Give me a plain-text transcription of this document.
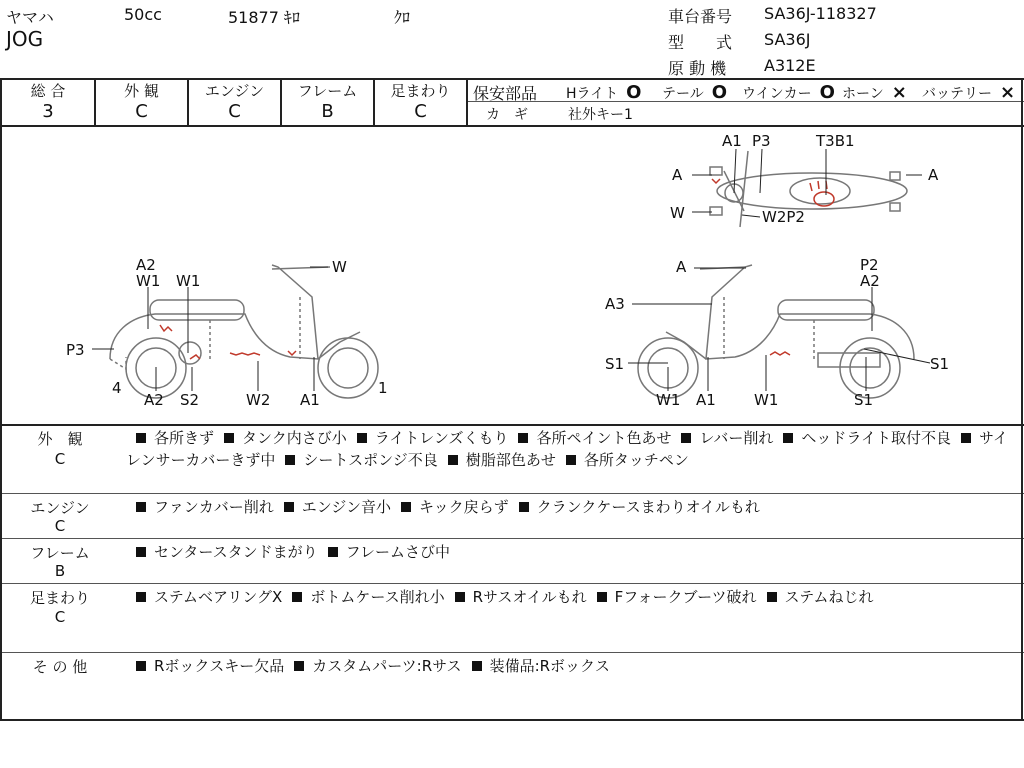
ヤマハ	50cc	51877 ｷﾛ	ｸﾛ
JOG
車台番号 SA36J-118327
型　　式 SA36J
原 動 機 A312E
総 合
3
外 観
C
エンジン
C
フレーム
B
足まわり
C
保安部品 Hライト O テール O ウインカー O ホーン × バッテリー ×
カ　ギ	社外キー1
A1 P3	T3B1
A	A
W	W2P2
W
A2
W1 W1
P3
4
A2 S2	W2 A1
1
A	P2
A2
A3
S1	S1
W1 A1	W1	S1
外　観
C
各所きず タンク内さび小 ライトレンズくもり 各所ペイント色あせ レバー削れ ヘッドライト取付不良 サイレンサーカバーきず中 シートスポンジ不良 樹脂部色あせ 各所タッチペン
エンジン
C
ファンカバー削れ エンジン音小 キック戻らず クランクケースまわりオイルもれ
フレーム
B
センタースタンドまがり フレームさび中
足まわり
C
ステムベアリングX ボトムケース削れ小 Rサスオイルもれ Fフォークブーツ破れ ステムねじれ
そ の 他	Rボックスキー欠品 カスタムパーツ:Rサス 装備品:Rボックス
